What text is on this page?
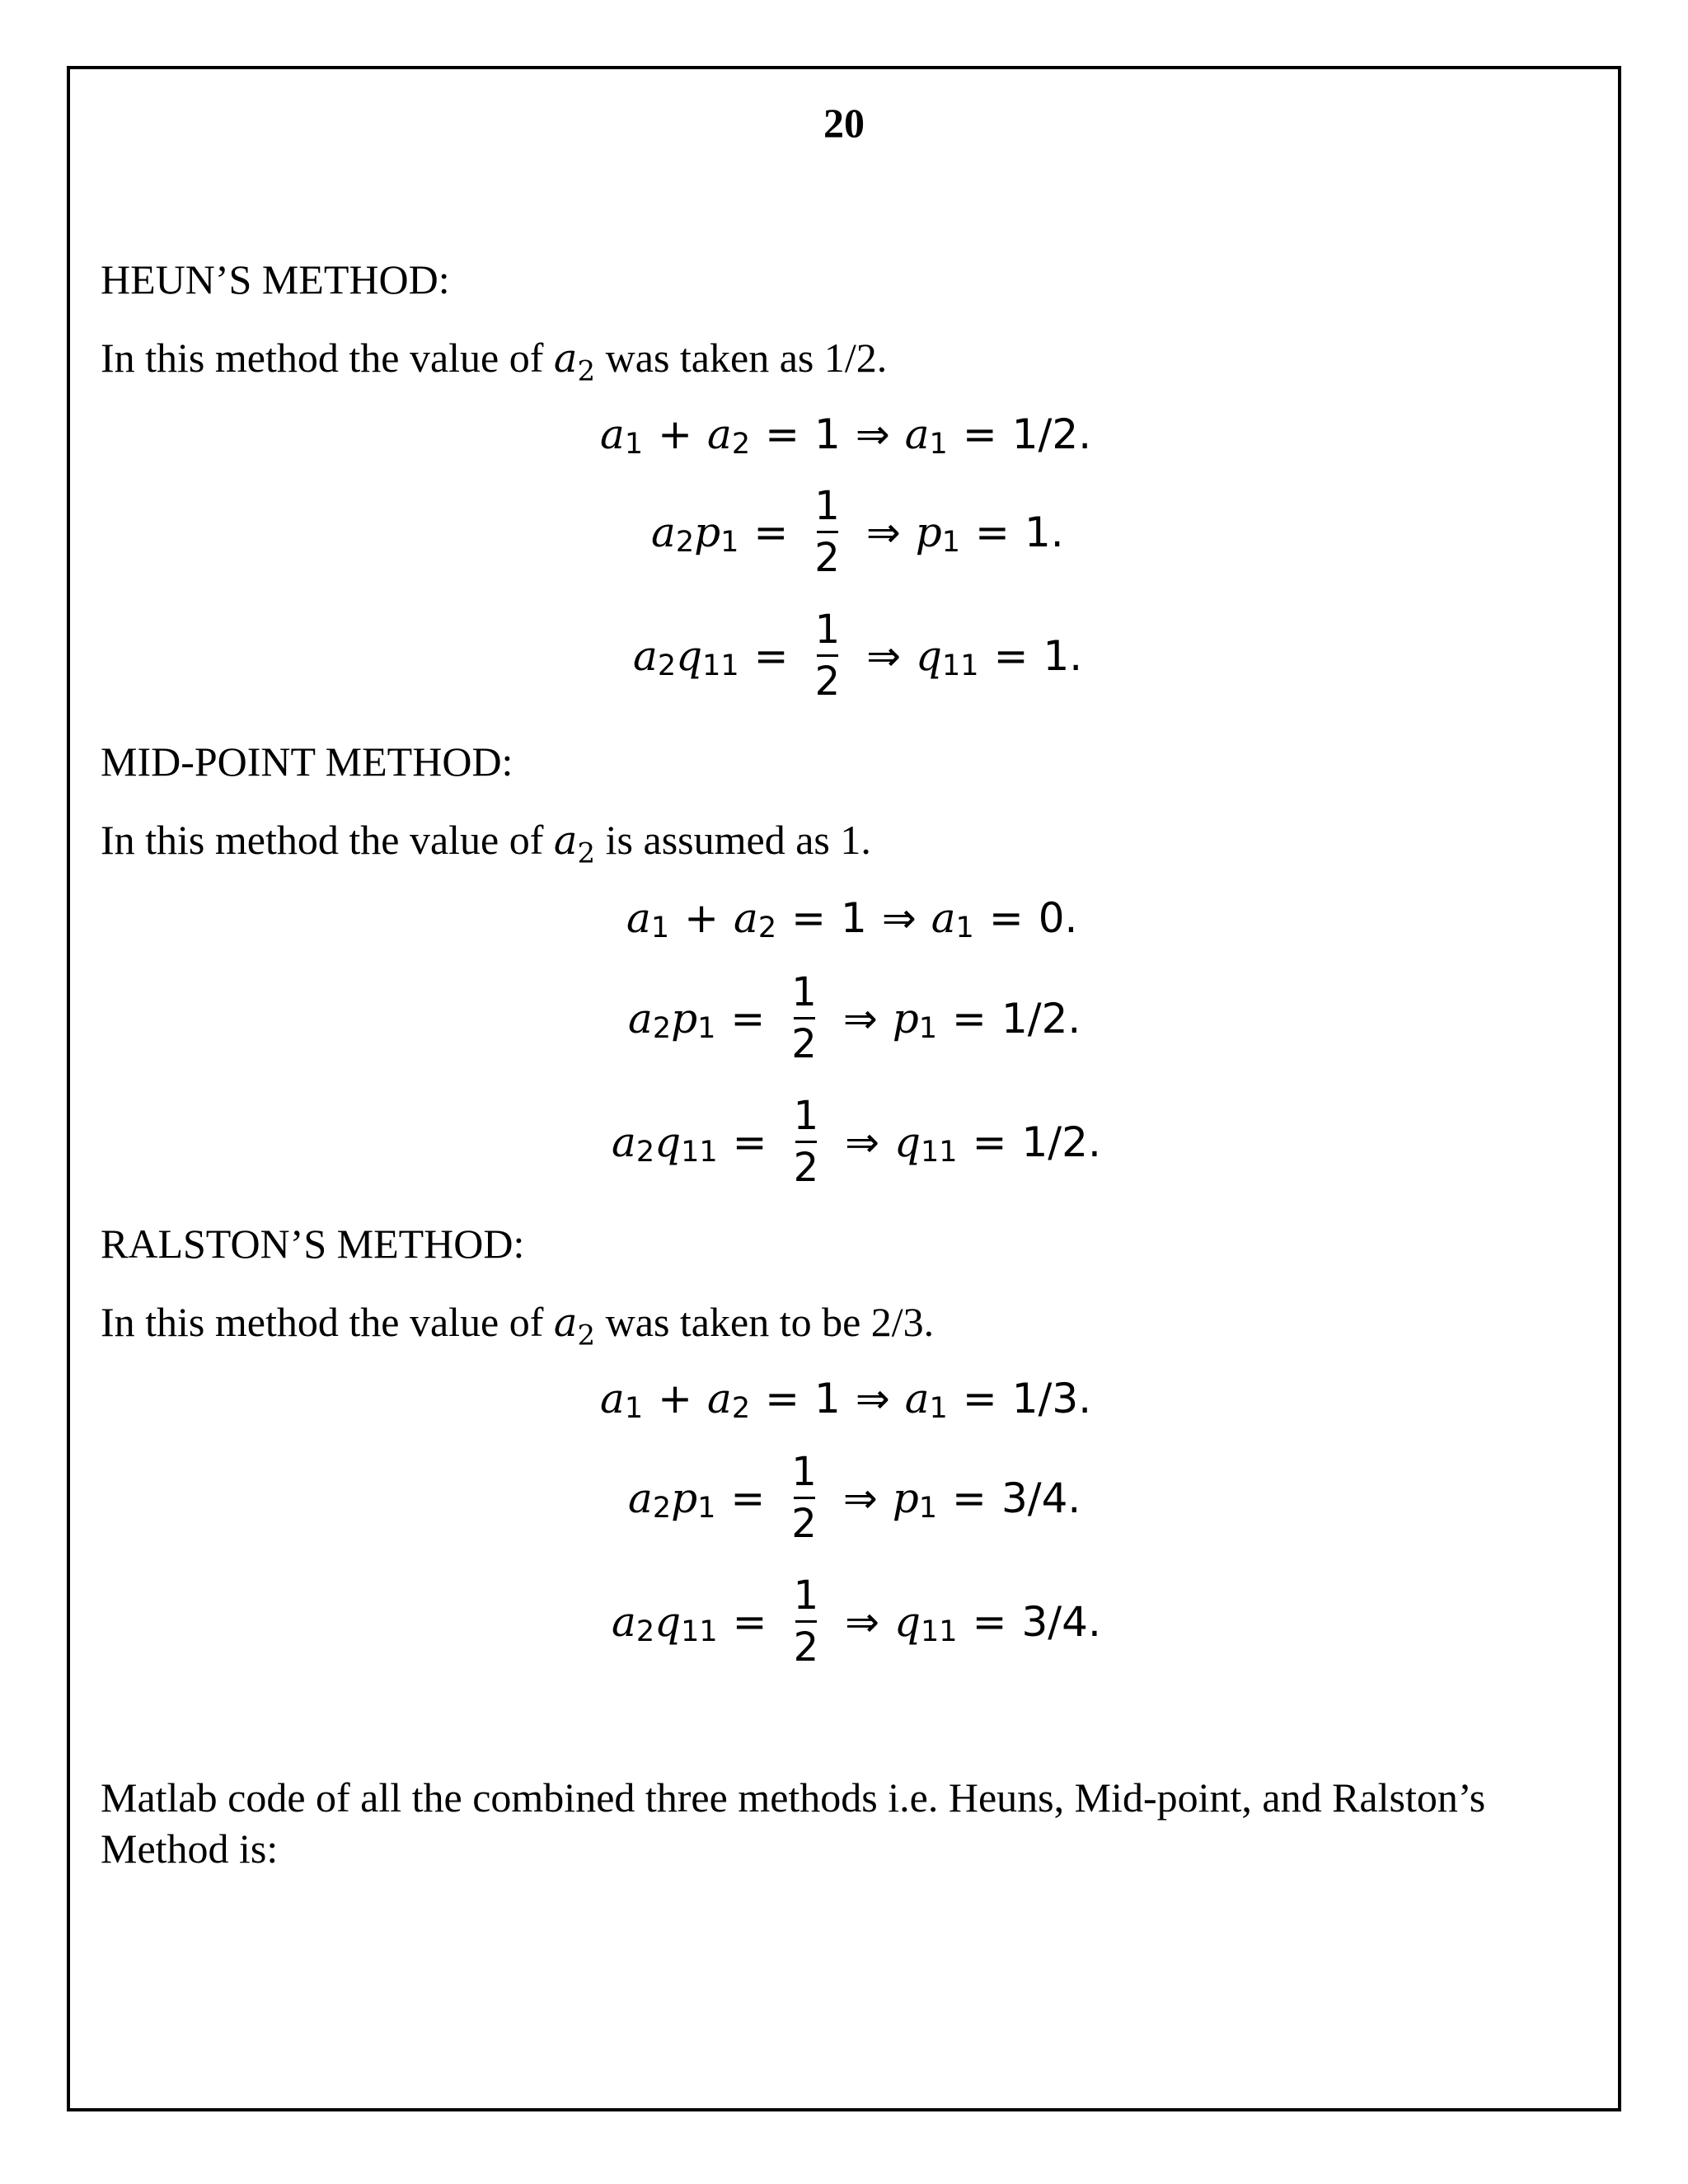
20
HEUN’S METHOD:
In this method the value of $a_2$ was taken as 1/2.
$a_1 + a_2 = 1$ ⇒ $a_1 = 1/2$.
$a_2$ $p_1 = \frac{1}{2}$ ⇒ $p_1 = 1$.
$a_2$ $q_{11} = \frac{1}{2}$ ⇒ $q_{11} = 1$.
MID-POINT METHOD:
In this method the value of $a_2$ is assumed as 1.
$a_1 + a_2 = 1$ ⇒ $a_1 = 0$.
$a_2$ $p_1 = \frac{1}{2}$ ⇒ $p_1 = 1/2$.
$a_2$ $q_{11} = \frac{1}{2}$ ⇒ $q_{11} = 1/2$.
RALSTON’S METHOD:
In this method the value of $a_2$ was taken to be 2/3.
$a_1 + a_2 = 1$ ⇒ $a_1 = 1/3$.
$a_2$ $p_1 = \frac{1}{2}$ ⇒ $p_1 = 3/4$.
$a_2$ $q_{11} = \frac{1}{2}$ ⇒ $q_{11} = 3/4$.
Matlab code of all the combined three methods i.e. Heuns, Mid-point, and Ralston’s Method is:
